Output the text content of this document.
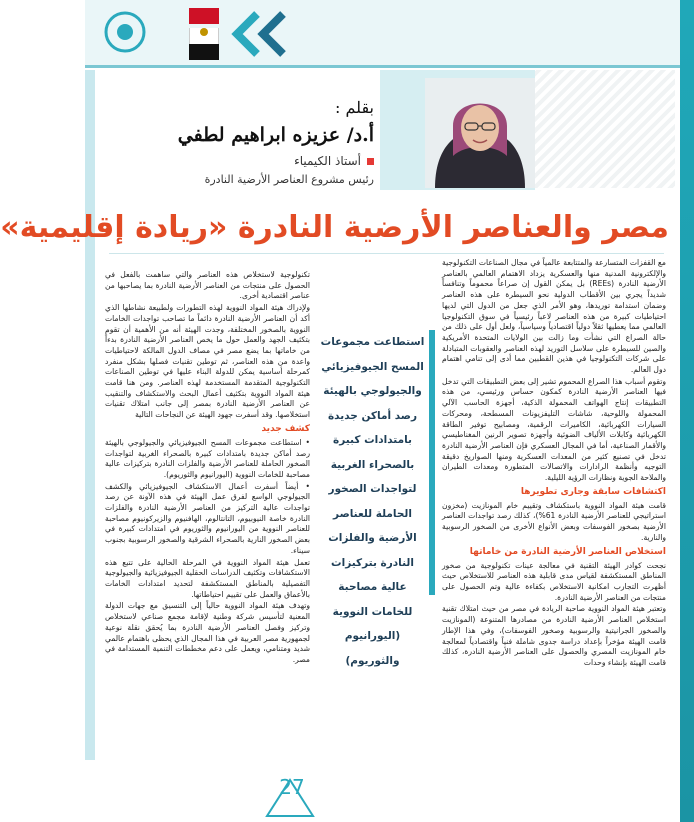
بقلم :
أ.د/ عزيزه ابراهيم لطفي
أستاذ الكيمياء
رئيس مشروع العناصر الأرضية النادرة
مصر والعناصر الأرضية النادرة «ريادة إقليمية»

مع القفزات المتسارعة والمتتابعة عالمياً في مجال الصناعات التكنولوجية والإلكترونية المدنية منها والعسكرية يزداد الاهتمام العالمي بالعناصر الأرضية النادرة (REEs) بل يمكن القول إن صراعاً محموماً وتنافساً شديداً يجري بين الأقطاب الدولية نحو السيطرة على هذه العناصر وضمان استدامة توريدها، وهو الأمر الذي جعل من الدول التي لديها احتياطيات كبيرة من هذه العناصر لاعباً رئيسياً في سوق التكنولوجيا العالمي مما يعطيها ثقلاً دولياً اقتصادياً وسياسياً، ولعل أول على ذلك من حالة الصراع التي نشأت وما زالت بين الولايات المتحدة الأمريكية والصين للسيطرة على سلاسل التوريد لهذه العناصر والعقوبات المتبادلة على شركات التكنولوجيا في هذين القطبين مما أدى إلى تنامي اهتمام دول العالم.

وتقوم أسباب هذا الصراع المحموم تشير إلى بعض التطبيقات التي تدخل فيها العناصر الأرضية النادرة كمكون حساس ورئيسي، من هذه التطبيقات إنتاج الهواتف المحمولة الذكية، أجهزة الحاسب الآلي المحمولة واللوحية، شاشات التليفزيونات المسطحة، ومحركات السيارات الكهربائية، الكاميرات الرقمية، ومصابيح توفير الطاقة الكهربائية وكابلات الألياف الضوئية وأجهزة تصوير الرنين المغناطيسي والأقمار الصناعية، أما في المجال العسكري فإن العناصر الأرضية النادرة تدخل في تصنيع كثير من المعدات العسكرية ومنها الصواريخ دقيقة التوجيه وأنظمة الرادارات والاتصالات المتطورة ومعدات الطيران والملاحة الجوية ونظارات الرؤية الليلية.

اكتشافات سابقة وجارى تطويرها

قامت هيئة المواد النووية باستكشاف وتقييم خام المونازيت (مخزون استراتيجي للعناصر الأرضية النادرة 61%)، كذلك رصد تواجدات العناصر الأرضية بصخور الفوسفات وبعض الأنواع الأخرى من الصخور الرسوبية والنارية.

استخلاص العناصر الأرضية النادرة من خاماتها

نجحت كوادر الهيئة التقنية في معالجة عينات تكنولوجية من صخور المناطق المستكشفة لقياس مدى قابلية هذه العناصر للاستخلاص حيث أظهرت التجارب امكانية الاستخلاص بكفاءة عالية وتم الحصول على منتجات من العناصر الأرضية النادرة.

وتعتبر هيئة المواد النووية صاحبة الريادة في مصر من حيث امتلاك تقنية استخلاص العناصر الأرضية النادرة من مصادرها المتنوعة (المونازيت والصخور الجرانيتية والرسوبية وصخور الفوسفات)، وفي هذا الإطار قامت الهيئة مؤخراً بإعداد دراسة جدوى شاملة فنياً واقتصادياً لمعالجة خام المونازيت المصري والحصول على العناصر الأرضية النادرة، كذلك قامت الهيئة بإنشاء وحدات

استطاعت مجموعات المسح الجيوفيزيائي والجيولوجي بالهيئة رصد أماكن جديدة بامتدادات كبيرة بالصحراء الغربية لتواجدات الصخور الحاملة للعناصر الأرضية والفلزات النادرة بتركيزات عالية مصاحبة للخامات النووية (اليورانيوم والثوريوم)

تكنولوجية لاستخلاص هذه العناصر والتي ساهمت بالفعل في الحصول على منتجات من العناصر الأرضية النادرة بما يصاحبها من عناصر اقتصادية أخرى.

ولإدراك هيئة المواد النووية لهذه التطورات ولطبيعة نشاطها الذي أكد أن العناصر الأرضية النادرة دائماً ما تصاحب تواجدات الخامات النووية بالصخور المختلفة، وجدت الهيئة أنه من الأهمية أن تقوم بتكثيف الجهد والعمل حول ما يخص العناصر الأرضية النادرة بدءاً من خاماتها بما يضع مصر في مصاف الدول المالكة لاحتياطيات واعدة من هذه العناصر، ثم توطين تقنيات فصلها بشكل منفرد كمرحلة أساسية يمكن للدولة البناء عليها في توطين الصناعات التكنولوجية المتقدمة المستخدمة لهذه العناصر. ومن هنا قامت هيئة المواد النووية بتكثيف أعمال البحث والاستكشاف والتنقيب عن العناصر الأرضية النادرة بمصر إلى جانب امتلاك تقنيات استخلاصها. وقد أسفرت جهود الهيئة عن النجاحات التالية

كشف جديد

• استطاعت مجموعات المسح الجيوفيزيائي والجيولوجي بالهيئة رصد أماكن جديدة بامتدادات كبيرة بالصحراء الغربية لتواجدات الصخور الحاملة للعناصر الأرضية والفلزات النادرة بتركيزات عالية مصاحبة للخامات النووية (اليورانيوم والثوريوم).

• أيضاً أسفرت أعمال الاستكشاف الجيوفيزيائي والكشف الجيولوجي الواسع لفرق عمل الهيئة في هذه الآونة عن رصد تواجدات عالية التركيز من العناصر الأرضية النادرة والفلزات النادرة خاصة النيوبيوم، التانتالوم، الهافنيوم والزيركونيوم مصاحبة للعناصر النووية من اليورانيوم والثوريوم في امتدادات كبيرة في بعض الصخور النارية بالصحراء الشرقية والصخور الرسوبية بجنوب سيناء.

تعمل هيئة المواد النووية في المرحلة الحالية على تتبع هذه الاستكشافات وتكثيف الدراسات الحقلية الجيوفيزيائية والجيولوجية التفصيلية بالمناطق المستكشفة لتحديد امتدادات الخامات بالأعماق والعمل على تقييم احتياطاتها.

وتهدف هيئة المواد النووية حالياً إلى التنسيق مع جهات الدولة المعنية لتأسيس شركة وطنية لإقامة مجمع صناعي لاستخلاص وتركيز وفصل العناصر الأرضية النادرة بما يُحقق نقلة نوعية لجمهورية مصر العربية في هذا المجال الذي يحظى باهتمام عالمي شديد ومتنامي، ويعمل على دعم مخططات التنمية المستدامة في مصر.

27
